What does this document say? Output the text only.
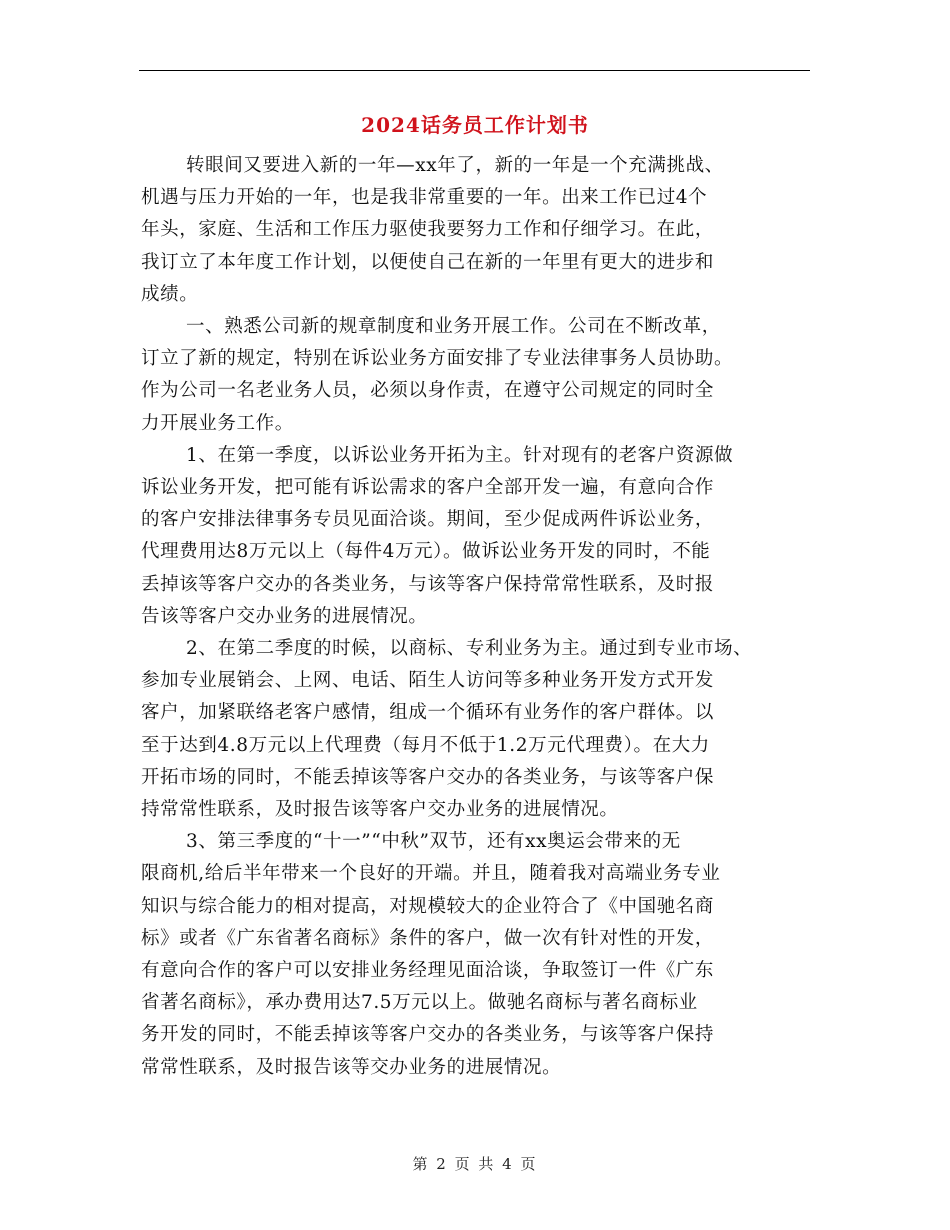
2024话务员工作计划书
转眼间又要进入新的一年—xx年了，新的一年是一个充满挑战、
机遇与压力开始的一年，也是我非常重要的一年。出来工作已过4个
年头，家庭、生活和工作压力驱使我要努力工作和仔细学习。在此，
我订立了本年度工作计划，以便使自己在新的一年里有更大的进步和
成绩。
一、熟悉公司新的规章制度和业务开展工作。公司在不断改革，
订立了新的规定，特别在诉讼业务方面安排了专业法律事务人员协助。
作为公司一名老业务人员，必须以身作责，在遵守公司规定的同时全
力开展业务工作。
1、在第一季度，以诉讼业务开拓为主。针对现有的老客户资源做
诉讼业务开发，把可能有诉讼需求的客户全部开发一遍，有意向合作
的客户安排法律事务专员见面洽谈。期间，至少促成两件诉讼业务，
代理费用达8万元以上（每件4万元）。做诉讼业务开发的同时，不能
丢掉该等客户交办的各类业务，与该等客户保持常常性联系，及时报
告该等客户交办业务的进展情况。
2、在第二季度的时候，以商标、专利业务为主。通过到专业市场、
参加专业展销会、上网、电话、陌生人访问等多种业务开发方式开发
客户，加紧联络老客户感情，组成一个循环有业务作的客户群体。以
至于达到4.8万元以上代理费（每月不低于1.2万元代理费）。在大力
开拓市场的同时，不能丢掉该等客户交办的各类业务，与该等客户保
持常常性联系，及时报告该等客户交办业务的进展情况。
3、第三季度的“十一”“中秋”双节，还有xx奥运会带来的无
限商机,给后半年带来一个良好的开端。并且，随着我对高端业务专业
知识与综合能力的相对提高，对规模较大的企业符合了《中国驰名商
标》或者《广东省著名商标》条件的客户，做一次有针对性的开发，
有意向合作的客户可以安排业务经理见面洽谈，争取签订一件《广东
省著名商标》，承办费用达7.5万元以上。做驰名商标与著名商标业
务开发的同时，不能丢掉该等客户交办的各类业务，与该等客户保持
常常性联系，及时报告该等交办业务的进展情况。
第 2 页 共 4 页
